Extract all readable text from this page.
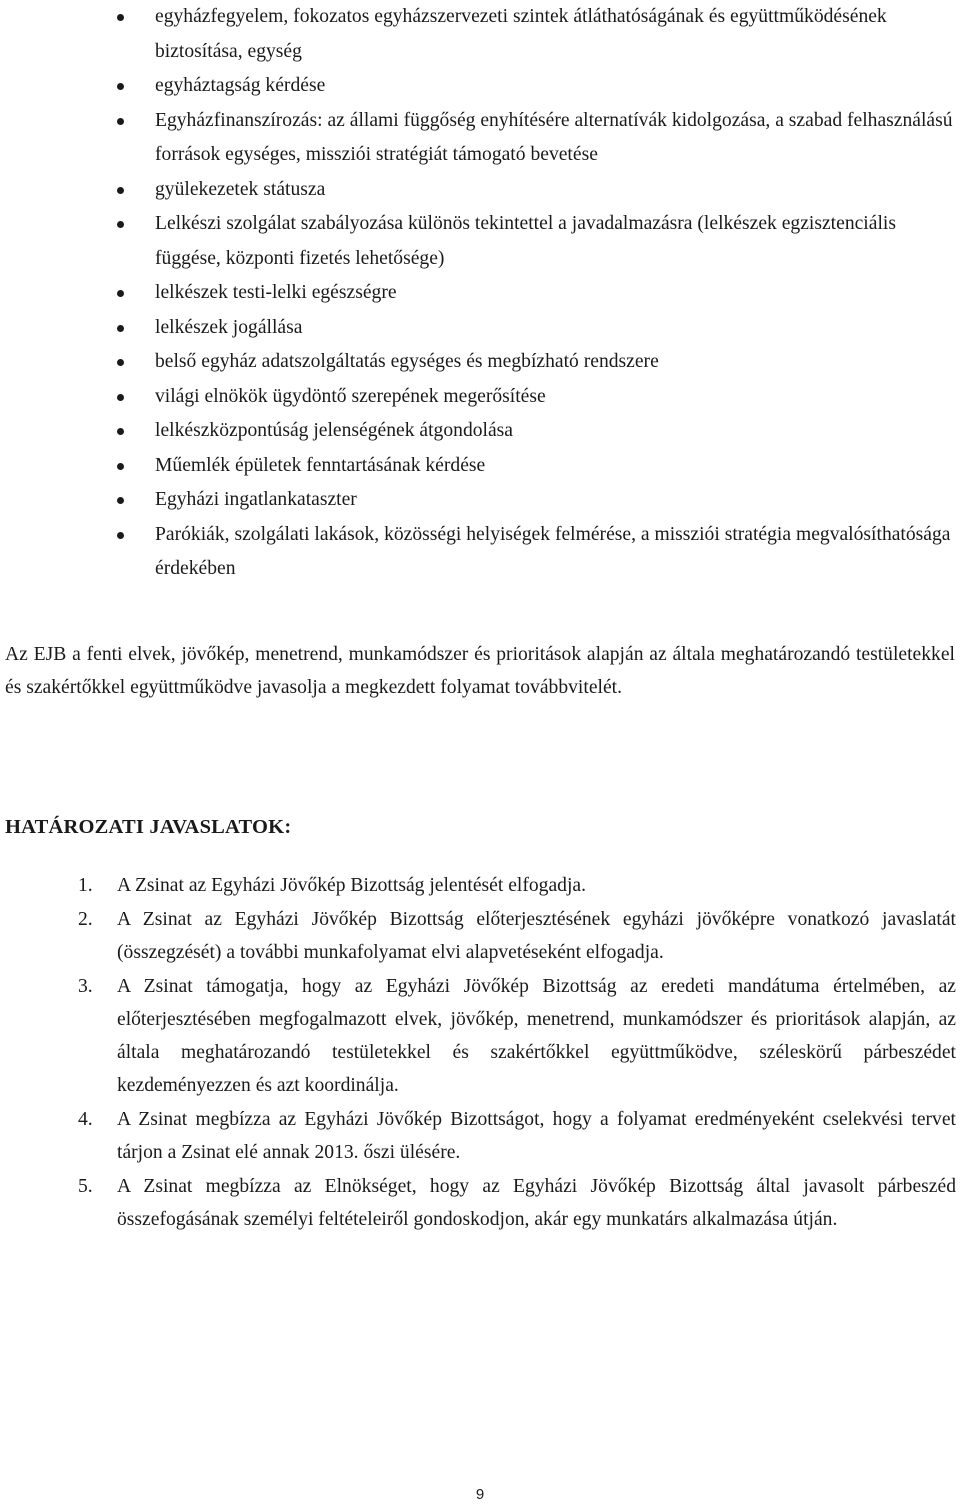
egyházfegyelem, fokozatos egyházszervezeti szintek átláthatóságának és együttműködésének biztosítása, egység
egyháztagság kérdése
Egyházfinanszírozás: az állami függőség enyhítésére alternatívák kidolgozása, a szabad felhasználású források egységes, missziói stratégiát támogató bevetése
gyülekezetek státusza
Lelkészi szolgálat szabályozása különös tekintettel a javadalmazásra (lelkészek egzisztenciális függése, központi fizetés lehetősége)
lelkészek testi-lelki egészségre
lelkészek jogállása
belső egyház adatszolgáltatás egységes és megbízható rendszere
világi elnökök ügydöntő szerepének megerősítése
lelkészközpontúság jelenségének átgondolása
Műemlék épületek fenntartásának kérdése
Egyházi ingatlankataszter
Parókiák, szolgálati lakások, közösségi helyiségek felmérése, a missziói stratégia megvalósíthatósága érdekében

Az EJB a fenti elvek, jövőkép, menetrend, munkamódszer és prioritások alapján az általa meghatározandó testületekkel és szakértőkkel együttműködve javasolja a megkezdett folyamat továbbvitelét.

HATÁROZATI JAVASLATOK:
1. A Zsinat az Egyházi Jövőkép Bizottság jelentését elfogadja.
2. A Zsinat az Egyházi Jövőkép Bizottság előterjesztésének egyházi jövőképre vonatkozó javaslatát (összegzését) a további munkafolyamat elvi alapvetéseként elfogadja.
3. A Zsinat támogatja, hogy az Egyházi Jövőkép Bizottság az eredeti mandátuma értelmében, az előterjesztésében megfogalmazott elvek, jövőkép, menetrend, munkamódszer és prioritások alapján, az általa meghatározandó testületekkel és szakértőkkel együttműködve, széleskörű párbeszédet kezdeményezzen és azt koordinálja.
4. A Zsinat megbízza az Egyházi Jövőkép Bizottságot, hogy a folyamat eredményeként cselekvési tervet tárjon a Zsinat elé annak 2013. őszi ülésére.
5. A Zsinat megbízza az Elnökséget, hogy az Egyházi Jövőkép Bizottság által javasolt párbeszéd összefogásának személyi feltételeiről gondoskodjon, akár egy munkatárs alkalmazása útján.
9
